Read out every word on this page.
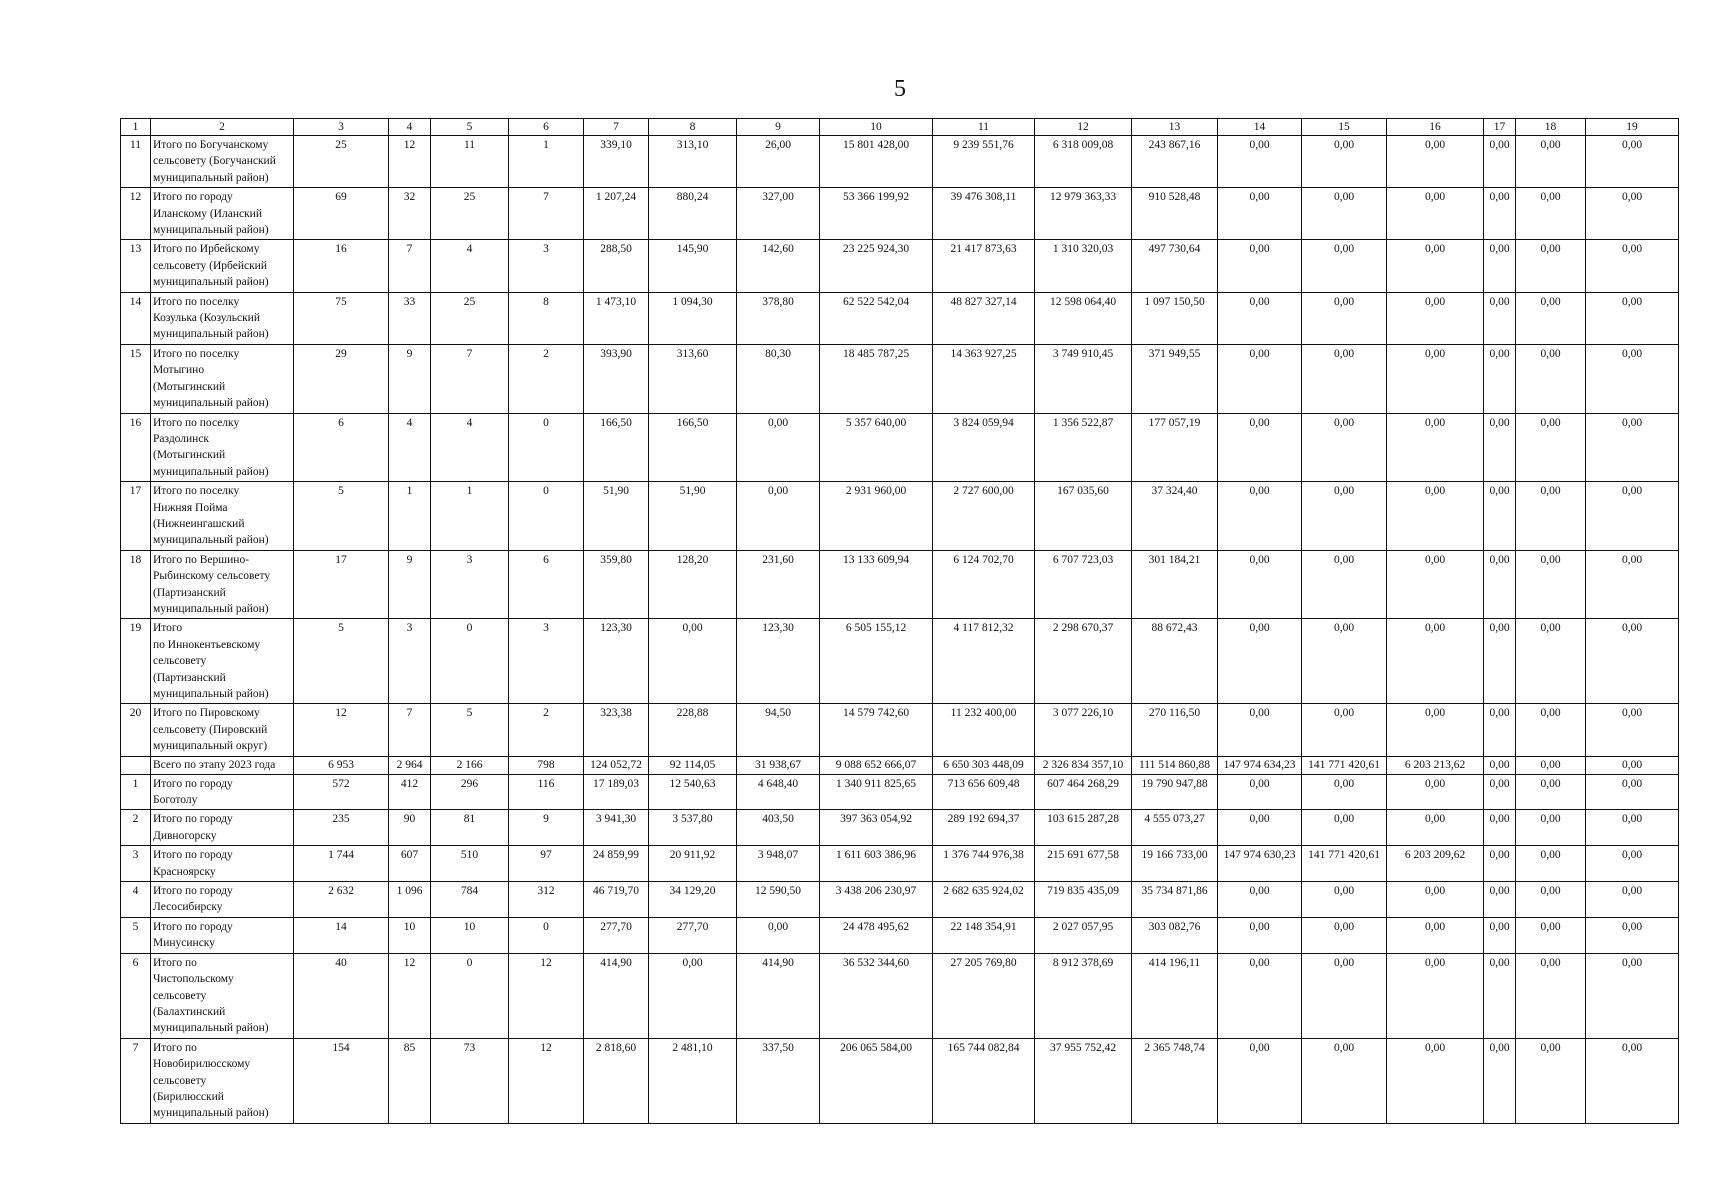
5
1	2	3	4	5	6	7	8	9	10	11	12	13	14	15	16	17	18	19
11	Итого по Богучанскому
сельсовету (Богучанский
муниципальный район)	25	12	11	1	339,10	313,10	26,00	15 801 428,00	9 239 551,76	6 318 009,08	243 867,16	0,00	0,00	0,00	0,00	0,00	0,00
12	Итого по городу
Иланскому (Иланский
муниципальный район)	69	32	25	7	1 207,24	880,24	327,00	53 366 199,92	39 476 308,11	12 979 363,33	910 528,48	0,00	0,00	0,00	0,00	0,00	0,00
13	Итого по Ирбейскому
сельсовету (Ирбейский
муниципальный район)	16	7	4	3	288,50	145,90	142,60	23 225 924,30	21 417 873,63	1 310 320,03	497 730,64	0,00	0,00	0,00	0,00	0,00	0,00
14	Итого по поселку
Козулька (Козульский
муниципальный район)	75	33	25	8	1 473,10	1 094,30	378,80	62 522 542,04	48 827 327,14	12 598 064,40	1 097 150,50	0,00	0,00	0,00	0,00	0,00	0,00
15	Итого по поселку
Мотыгино
(Мотыгинский
муниципальный район)	29	9	7	2	393,90	313,60	80,30	18 485 787,25	14 363 927,25	3 749 910,45	371 949,55	0,00	0,00	0,00	0,00	0,00	0,00
16	Итого по поселку
Раздолинск
(Мотыгинский
муниципальный район)	6	4	4	0	166,50	166,50	0,00	5 357 640,00	3 824 059,94	1 356 522,87	177 057,19	0,00	0,00	0,00	0,00	0,00	0,00
17	Итого по поселку
Нижняя Пойма
(Нижнеингашский
муниципальный район)	5	1	1	0	51,90	51,90	0,00	2 931 960,00	2 727 600,00	167 035,60	37 324,40	0,00	0,00	0,00	0,00	0,00	0,00
18	Итого по Вершино-
Рыбинскому сельсовету
(Партизанский
муниципальный район)	17	9	3	6	359,80	128,20	231,60	13 133 609,94	6 124 702,70	6 707 723,03	301 184,21	0,00	0,00	0,00	0,00	0,00	0,00
19	Итого
по Иннокентьевскому
сельсовету
(Партизанский
муниципальный район)	5	3	0	3	123,30	0,00	123,30	6 505 155,12	4 117 812,32	2 298 670,37	88 672,43	0,00	0,00	0,00	0,00	0,00	0,00
20	Итого по Пировскому
сельсовету (Пировский
муниципальный округ)	12	7	5	2	323,38	228,88	94,50	14 579 742,60	11 232 400,00	3 077 226,10	270 116,50	0,00	0,00	0,00	0,00	0,00	0,00
	Всего по этапу 2023 года	6 953	2 964	2 166	798	124 052,72	92 114,05	31 938,67	9 088 652 666,07	6 650 303 448,09	2 326 834 357,10	111 514 860,88	147 974 634,23	141 771 420,61	6 203 213,62	0,00	0,00	0,00
1	Итого по городу
Боготолу	572	412	296	116	17 189,03	12 540,63	4 648,40	1 340 911 825,65	713 656 609,48	607 464 268,29	19 790 947,88	0,00	0,00	0,00	0,00	0,00	0,00
2	Итого по городу
Дивногорску	235	90	81	9	3 941,30	3 537,80	403,50	397 363 054,92	289 192 694,37	103 615 287,28	4 555 073,27	0,00	0,00	0,00	0,00	0,00	0,00
3	Итого по городу
Красноярску	1 744	607	510	97	24 859,99	20 911,92	3 948,07	1 611 603 386,96	1 376 744 976,38	215 691 677,58	19 166 733,00	147 974 630,23	141 771 420,61	6 203 209,62	0,00	0,00	0,00
4	Итого по городу
Лесосибирску	2 632	1 096	784	312	46 719,70	34 129,20	12 590,50	3 438 206 230,97	2 682 635 924,02	719 835 435,09	35 734 871,86	0,00	0,00	0,00	0,00	0,00	0,00
5	Итого по городу
Минусинску	14	10	10	0	277,70	277,70	0,00	24 478 495,62	22 148 354,91	2 027 057,95	303 082,76	0,00	0,00	0,00	0,00	0,00	0,00
6	Итого по
Чистопольскому
сельсовету
(Балахтинский
муниципальный район)	40	12	0	12	414,90	0,00	414,90	36 532 344,60	27 205 769,80	8 912 378,69	414 196,11	0,00	0,00	0,00	0,00	0,00	0,00
7	Итого по
Новобирилюсскому
сельсовету
(Бирилюсский
муниципальный район)	154	85	73	12	2 818,60	2 481,10	337,50	206 065 584,00	165 744 082,84	37 955 752,42	2 365 748,74	0,00	0,00	0,00	0,00	0,00	0,00
